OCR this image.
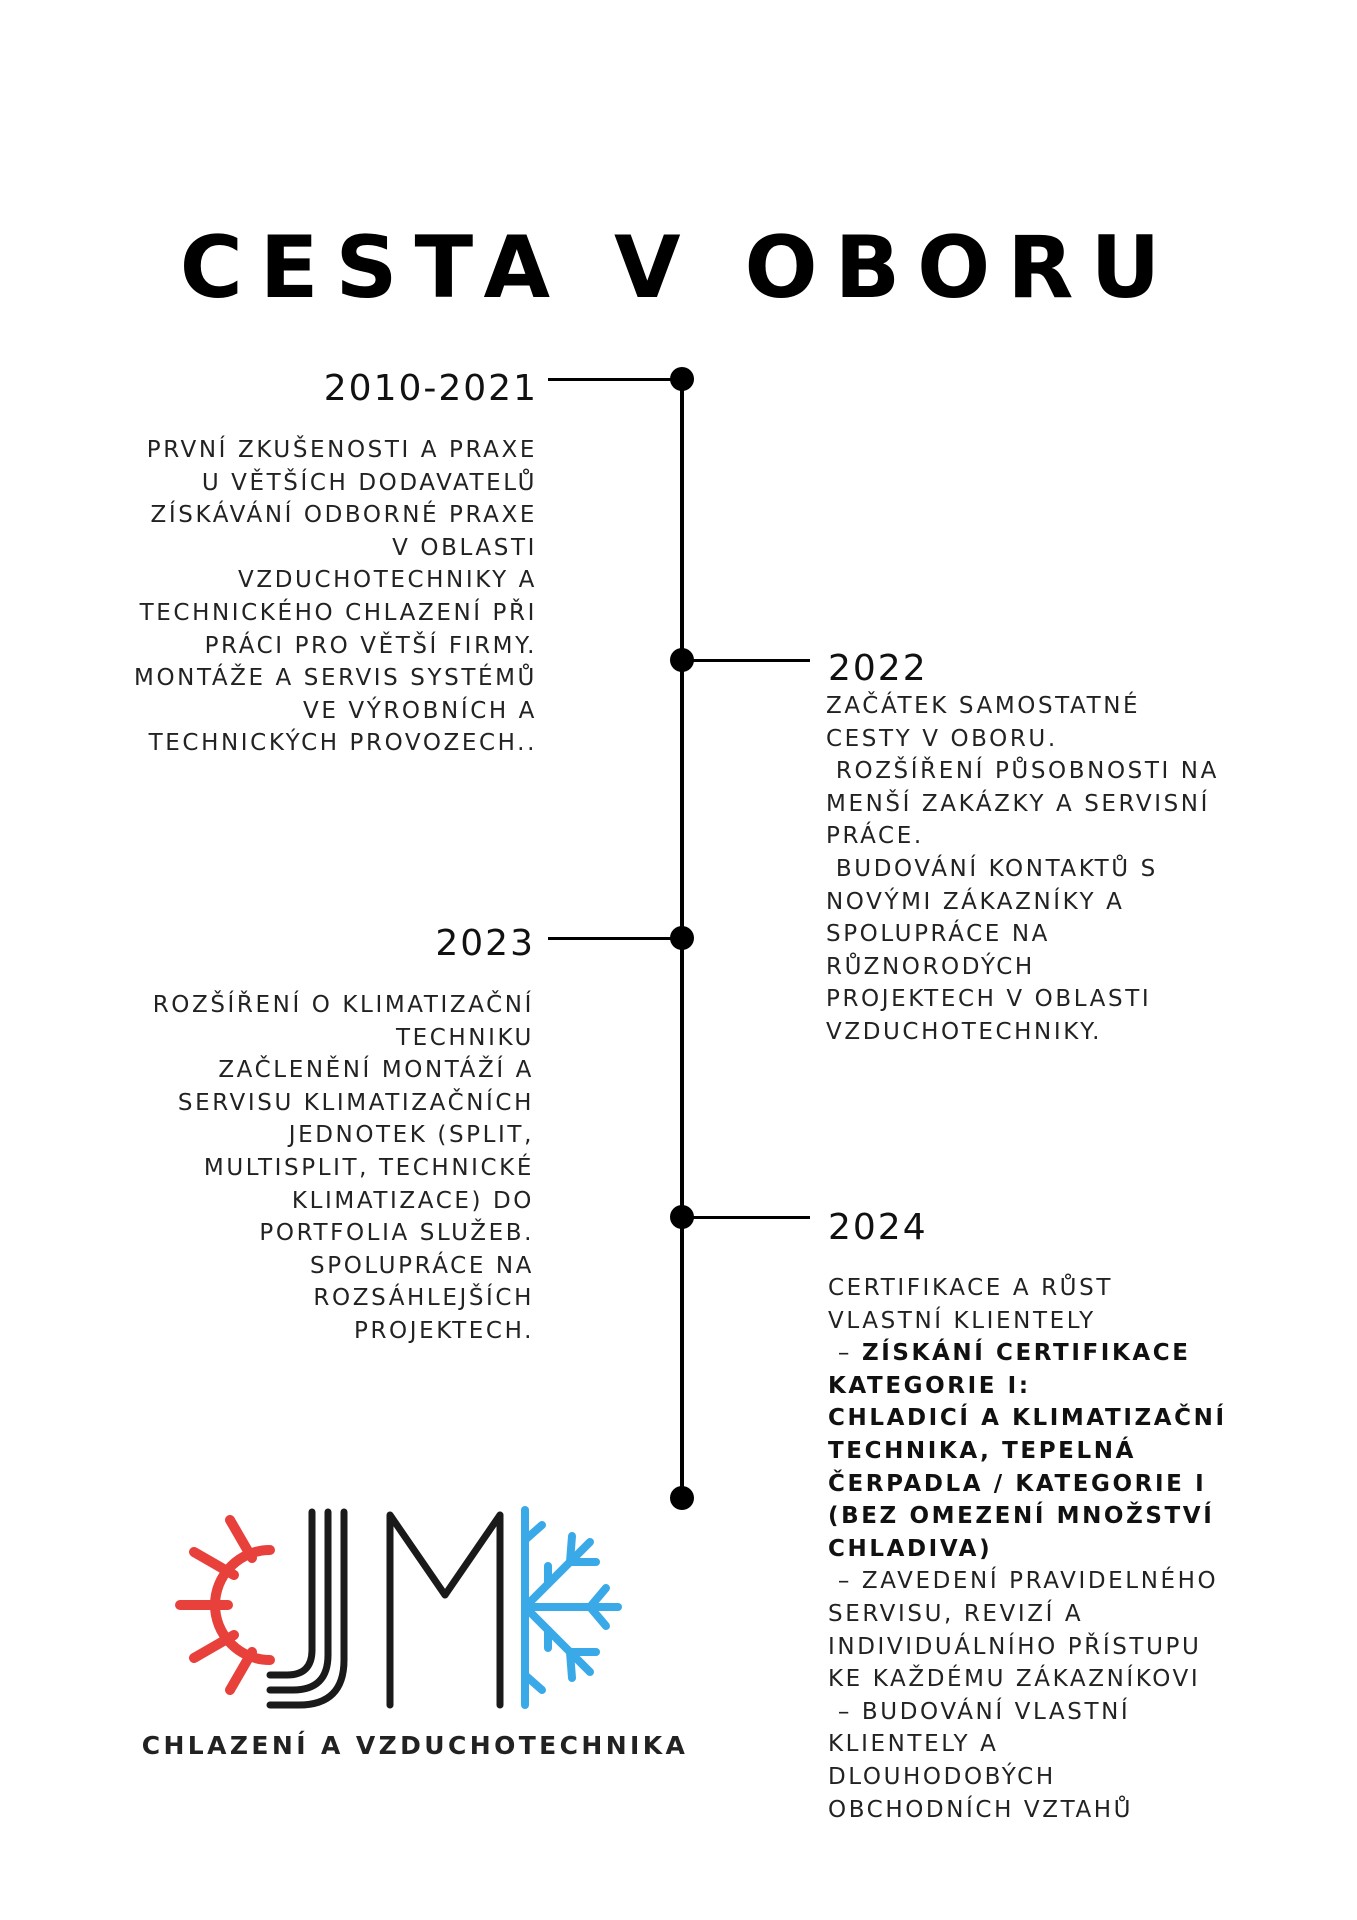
CESTA V OBORU
2010-2021
PRVNÍ ZKUŠENOSTI A PRAXE
U VĚTŠÍCH DODAVATELŮ
ZÍSKÁVÁNÍ ODBORNÉ PRAXE
V OBLASTI
VZDUCHOTECHNIKY A
TECHNICKÉHO CHLAZENÍ PŘI
PRÁCI PRO VĚTŠÍ FIRMY.
MONTÁŽE A SERVIS SYSTÉMŮ
VE VÝROBNÍCH A
TECHNICKÝCH PROVOZECH..
2022
ZAČÁTEK SAMOSTATNÉ
CESTY V OBORU.
ROZŠÍŘENÍ PŮSOBNOSTI NA
MENŠÍ ZAKÁZKY A SERVISNÍ
PRÁCE.
BUDOVÁNÍ KONTAKTŮ S
NOVÝMI ZÁKAZNÍKY A
SPOLUPRÁCE NA
RŮZNORODÝCH
PROJEKTECH V OBLASTI
VZDUCHOTECHNIKY.
2023
ROZŠÍŘENÍ O KLIMATIZAČNÍ
TECHNIKU
ZAČLENĚNÍ MONTÁŽÍ A
SERVISU KLIMATIZAČNÍCH
JEDNOTEK (SPLIT,
MULTISPLIT, TECHNICKÉ
KLIMATIZACE) DO
PORTFOLIA SLUŽEB.
SPOLUPRÁCE NA
ROZSÁHLEJŠÍCH
PROJEKTECH.
2024
CERTIFIKACE A RŮST
VLASTNÍ KLIENTELY
– ZÍSKÁNÍ CERTIFIKACE
KATEGORIE I:
CHLADICÍ A KLIMATIZAČNÍ
TECHNIKA, TEPELNÁ
ČERPADLA / KATEGORIE I
(BEZ OMEZENÍ MNOŽSTVÍ
CHLADIVA)
– ZAVEDENÍ PRAVIDELNÉHO
SERVISU, REVIZÍ A
INDIVIDUÁLNÍHO PŘÍSTUPU
KE KAŽDÉMU ZÁKAZNÍKOVI
– BUDOVÁNÍ VLASTNÍ
KLIENTELY A
DLOUHODOBÝCH
OBCHODNÍCH VZTAHŮ
CHLAZENÍ A VZDUCHOTECHNIKA
